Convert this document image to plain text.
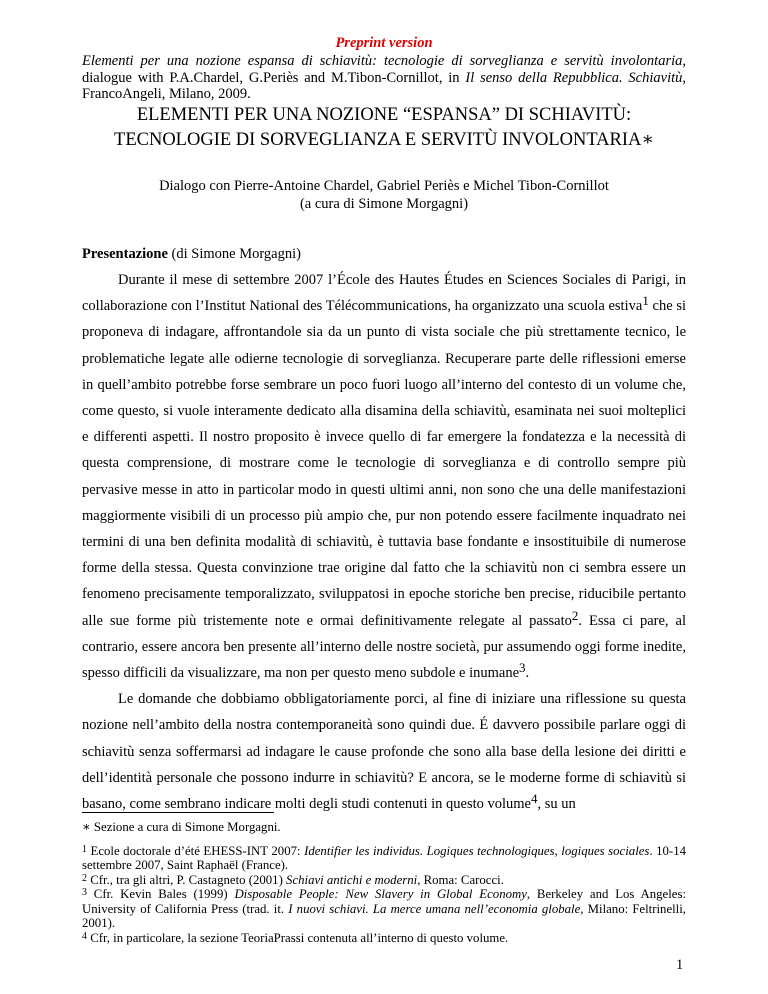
Preprint version
Elementi per una nozione espansa di schiavitù: tecnologie di sorveglianza e servitù involontaria, dialogue with P.A.Chardel, G.Periès and M.Tibon-Cornillot, in Il senso della Repubblica. Schiavitù, FrancoAngeli, Milano, 2009.
ELEMENTI PER UNA NOZIONE “ESPANSA” DI SCHIAVITÙ:
TECNOLOGIE DI SORVEGLIANZA E SERVITÙ INVOLONTARIA∗
Dialogo con Pierre-Antoine Chardel, Gabriel Periès e Michel Tibon-Cornillot
(a cura di Simone Morgagni)
Presentazione (di Simone Morgagni)

Durante il mese di settembre 2007 l’École des Hautes Études en Sciences Sociales di Parigi, in collaborazione con l’Institut National des Télécommunications, ha organizzato una scuola estiva1 che si proponeva di indagare, affrontandole sia da un punto di vista sociale che più strettamente tecnico, le problematiche legate alle odierne tecnologie di sorveglianza. Recuperare parte delle riflessioni emerse in quell’ambito potrebbe forse sembrare un poco fuori luogo all’interno del contesto di un volume che, come questo, si vuole interamente dedicato alla disamina della schiavitù, esaminata nei suoi molteplici e differenti aspetti. Il nostro proposito è invece quello di far emergere la fondatezza e la necessità di questa comprensione, di mostrare come le tecnologie di sorveglianza e di controllo sempre più pervasive messe in atto in particolar modo in questi ultimi anni, non sono che una delle manifestazioni maggiormente visibili di un processo più ampio che, pur non potendo essere facilmente inquadrato nei termini di una ben definita modalità di schiavitù, è tuttavia base fondante e insostituibile di numerose forme della stessa. Questa convinzione trae origine dal fatto che la schiavitù non ci sembra essere un fenomeno precisamente temporalizzato, sviluppatosi in epoche storiche ben precise, riducibile pertanto alle sue forme più tristemente note e ormai definitivamente relegate al passato2. Essa ci pare, al contrario, essere ancora ben presente all’interno delle nostre società, pur assumendo oggi forme inedite, spesso difficili da visualizzare, ma non per questo meno subdole e inumane3.

Le domande che dobbiamo obbligatoriamente porci, al fine di iniziare una riflessione su questa nozione nell’ambito della nostra contemporaneità sono quindi due. É davvero possibile parlare oggi di schiavitù senza soffermarsi ad indagare le cause profonde che sono alla base della lesione dei diritti e dell’identità personale che possono indurre in schiavitù? E ancora, se le moderne forme di schiavitù si basano, come sembrano indicare molti degli studi contenuti in questo volume4, su un

∗ Sezione a cura di Simone Morgagni.
$^1$ Ecole doctorale d’été EHESS-INT 2007: Identifier les individus. Logiques technologiques, logiques sociales. 10-14 settembre 2007, Saint Raphaël (France).
$^2$ Cfr., tra gli altri, P. Castagneto (2001) Schiavi antichi e moderni, Roma: Carocci.
$^3$ Cfr. Kevin Bales (1999) Disposable People: New Slavery in Global Economy, Berkeley and Los Angeles: University of California Press (trad. it. I nuovi schiavi. La merce umana nell’economia globale, Milano: Feltrinelli, 2001).
$^4$ Cfr, in particolare, la sezione TeoriaPrassi contenuta all’interno di questo volume.
1
